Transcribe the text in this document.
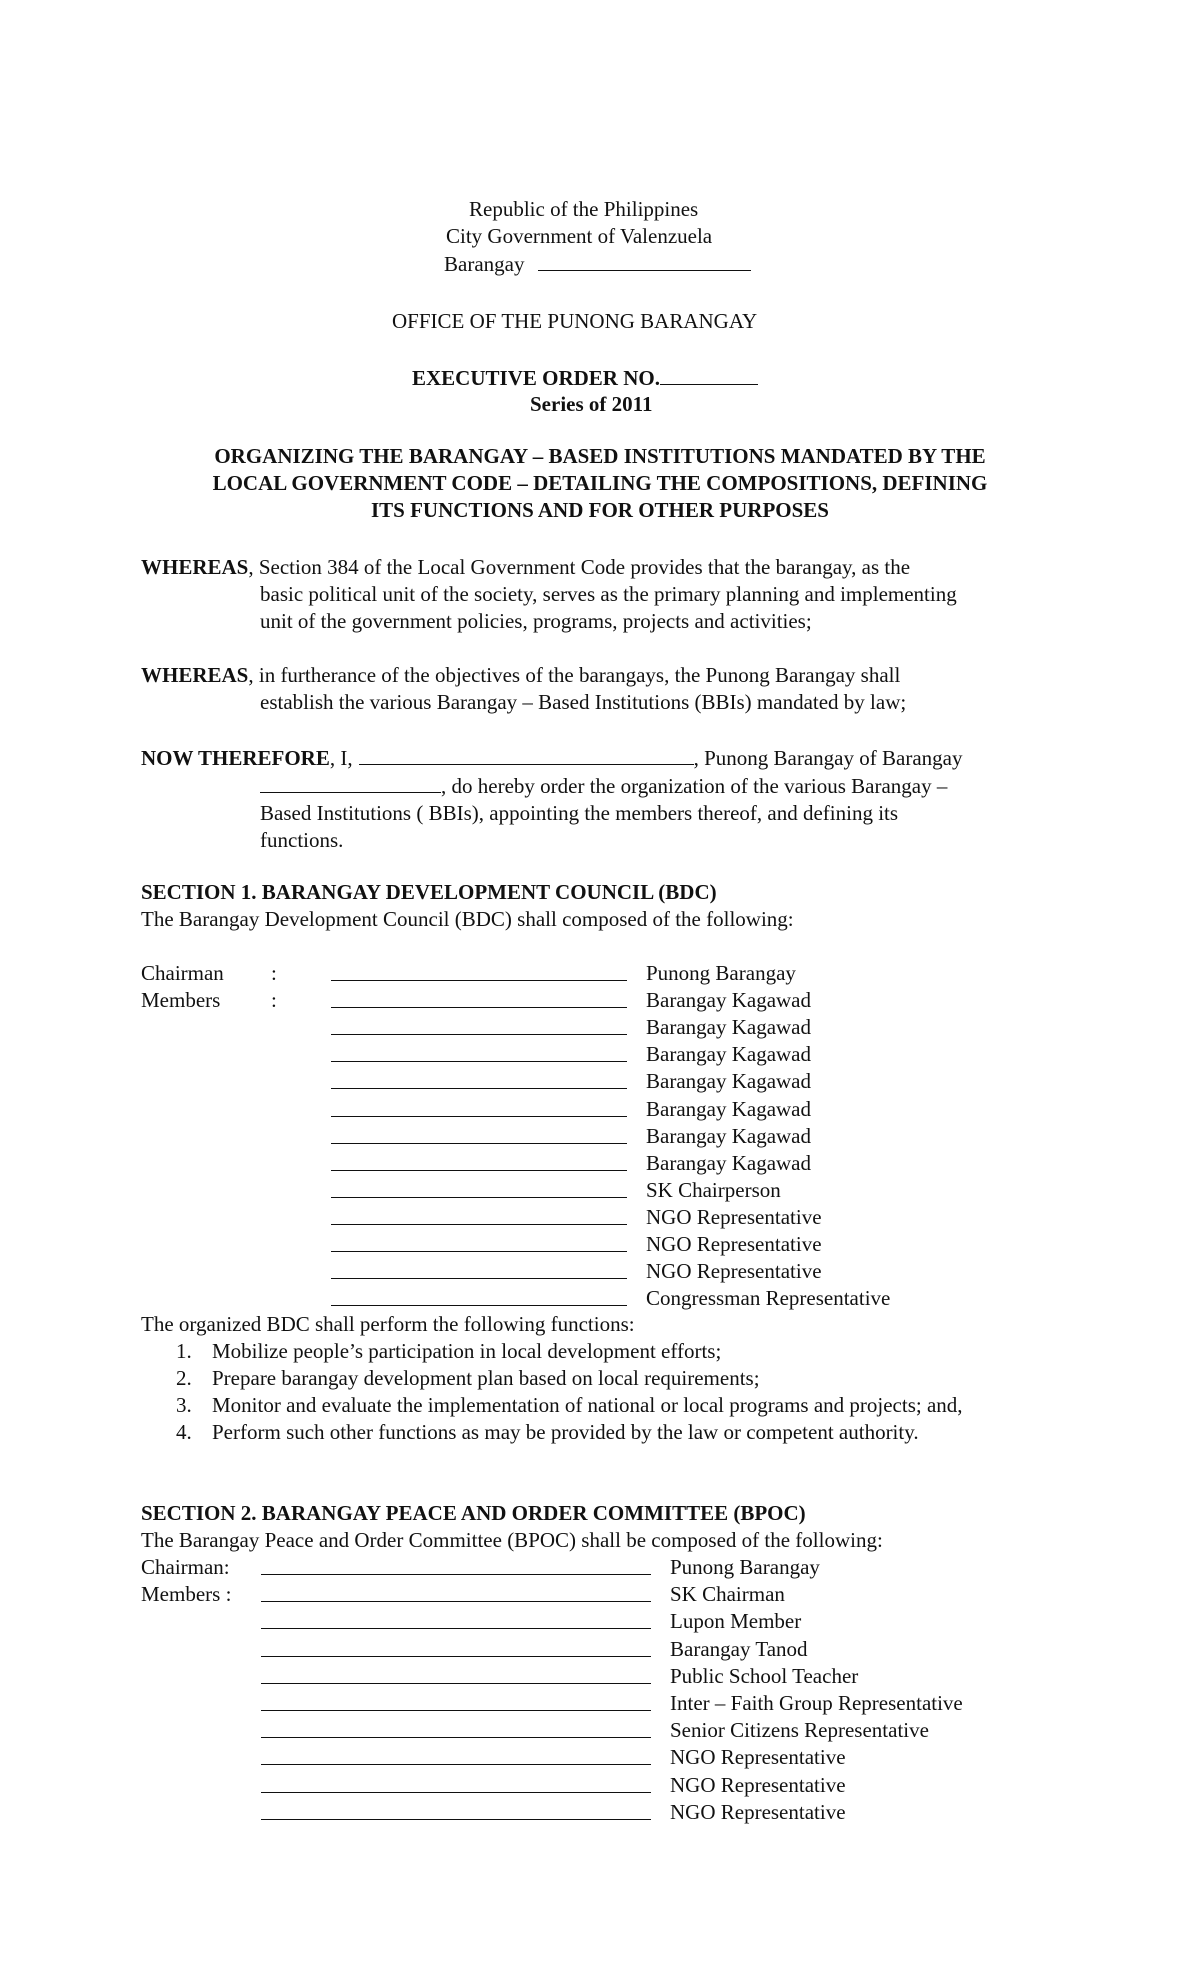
Republic of the Philippines
City Government of Valenzuela
Barangay
OFFICE OF THE PUNONG BARANGAY
EXECUTIVE ORDER NO.
Series of 2011
ORGANIZING THE BARANGAY – BASED INSTITUTIONS MANDATED BY THE
LOCAL GOVERNMENT CODE – DETAILING THE COMPOSITIONS, DEFINING
ITS FUNCTIONS AND FOR OTHER PURPOSES
WHEREAS, Section 384 of the Local Government Code provides that the barangay, as the
basic political unit of the society, serves as the primary planning and implementing
unit of the government policies, programs, projects and activities;
WHEREAS, in furtherance of the objectives of the barangays, the Punong Barangay shall
establish the various Barangay – Based Institutions (BBIs) mandated by law;
NOW THEREFORE, I,	, Punong Barangay of Barangay
, do hereby order the organization of the various Barangay –
Based Institutions ( BBIs), appointing the members thereof, and defining its
functions.
SECTION 1. BARANGAY DEVELOPMENT COUNCIL (BDC)
The Barangay Development Council (BDC) shall composed of the following:
Chairman :
Members :
Punong Barangay
Barangay Kagawad
Barangay Kagawad
Barangay Kagawad
Barangay Kagawad
Barangay Kagawad
Barangay Kagawad
Barangay Kagawad
SK Chairperson
NGO Representative
NGO Representative
NGO Representative
Congressman Representative
The organized BDC shall perform the following functions:
1. Mobilize people’s participation in local development efforts;
2. Prepare barangay development plan based on local requirements;
3. Monitor and evaluate the implementation of national or local programs and projects; and,
4. Perform such other functions as may be provided by the law or competent authority.
SECTION 2. BARANGAY PEACE AND ORDER COMMITTEE (BPOC)
The Barangay Peace and Order Committee (BPOC) shall be composed of the following:
Chairman:
Members :
Punong Barangay
SK Chairman
Lupon Member
Barangay Tanod
Public School Teacher
Inter – Faith Group Representative
Senior Citizens Representative
NGO Representative
NGO Representative
NGO Representative
